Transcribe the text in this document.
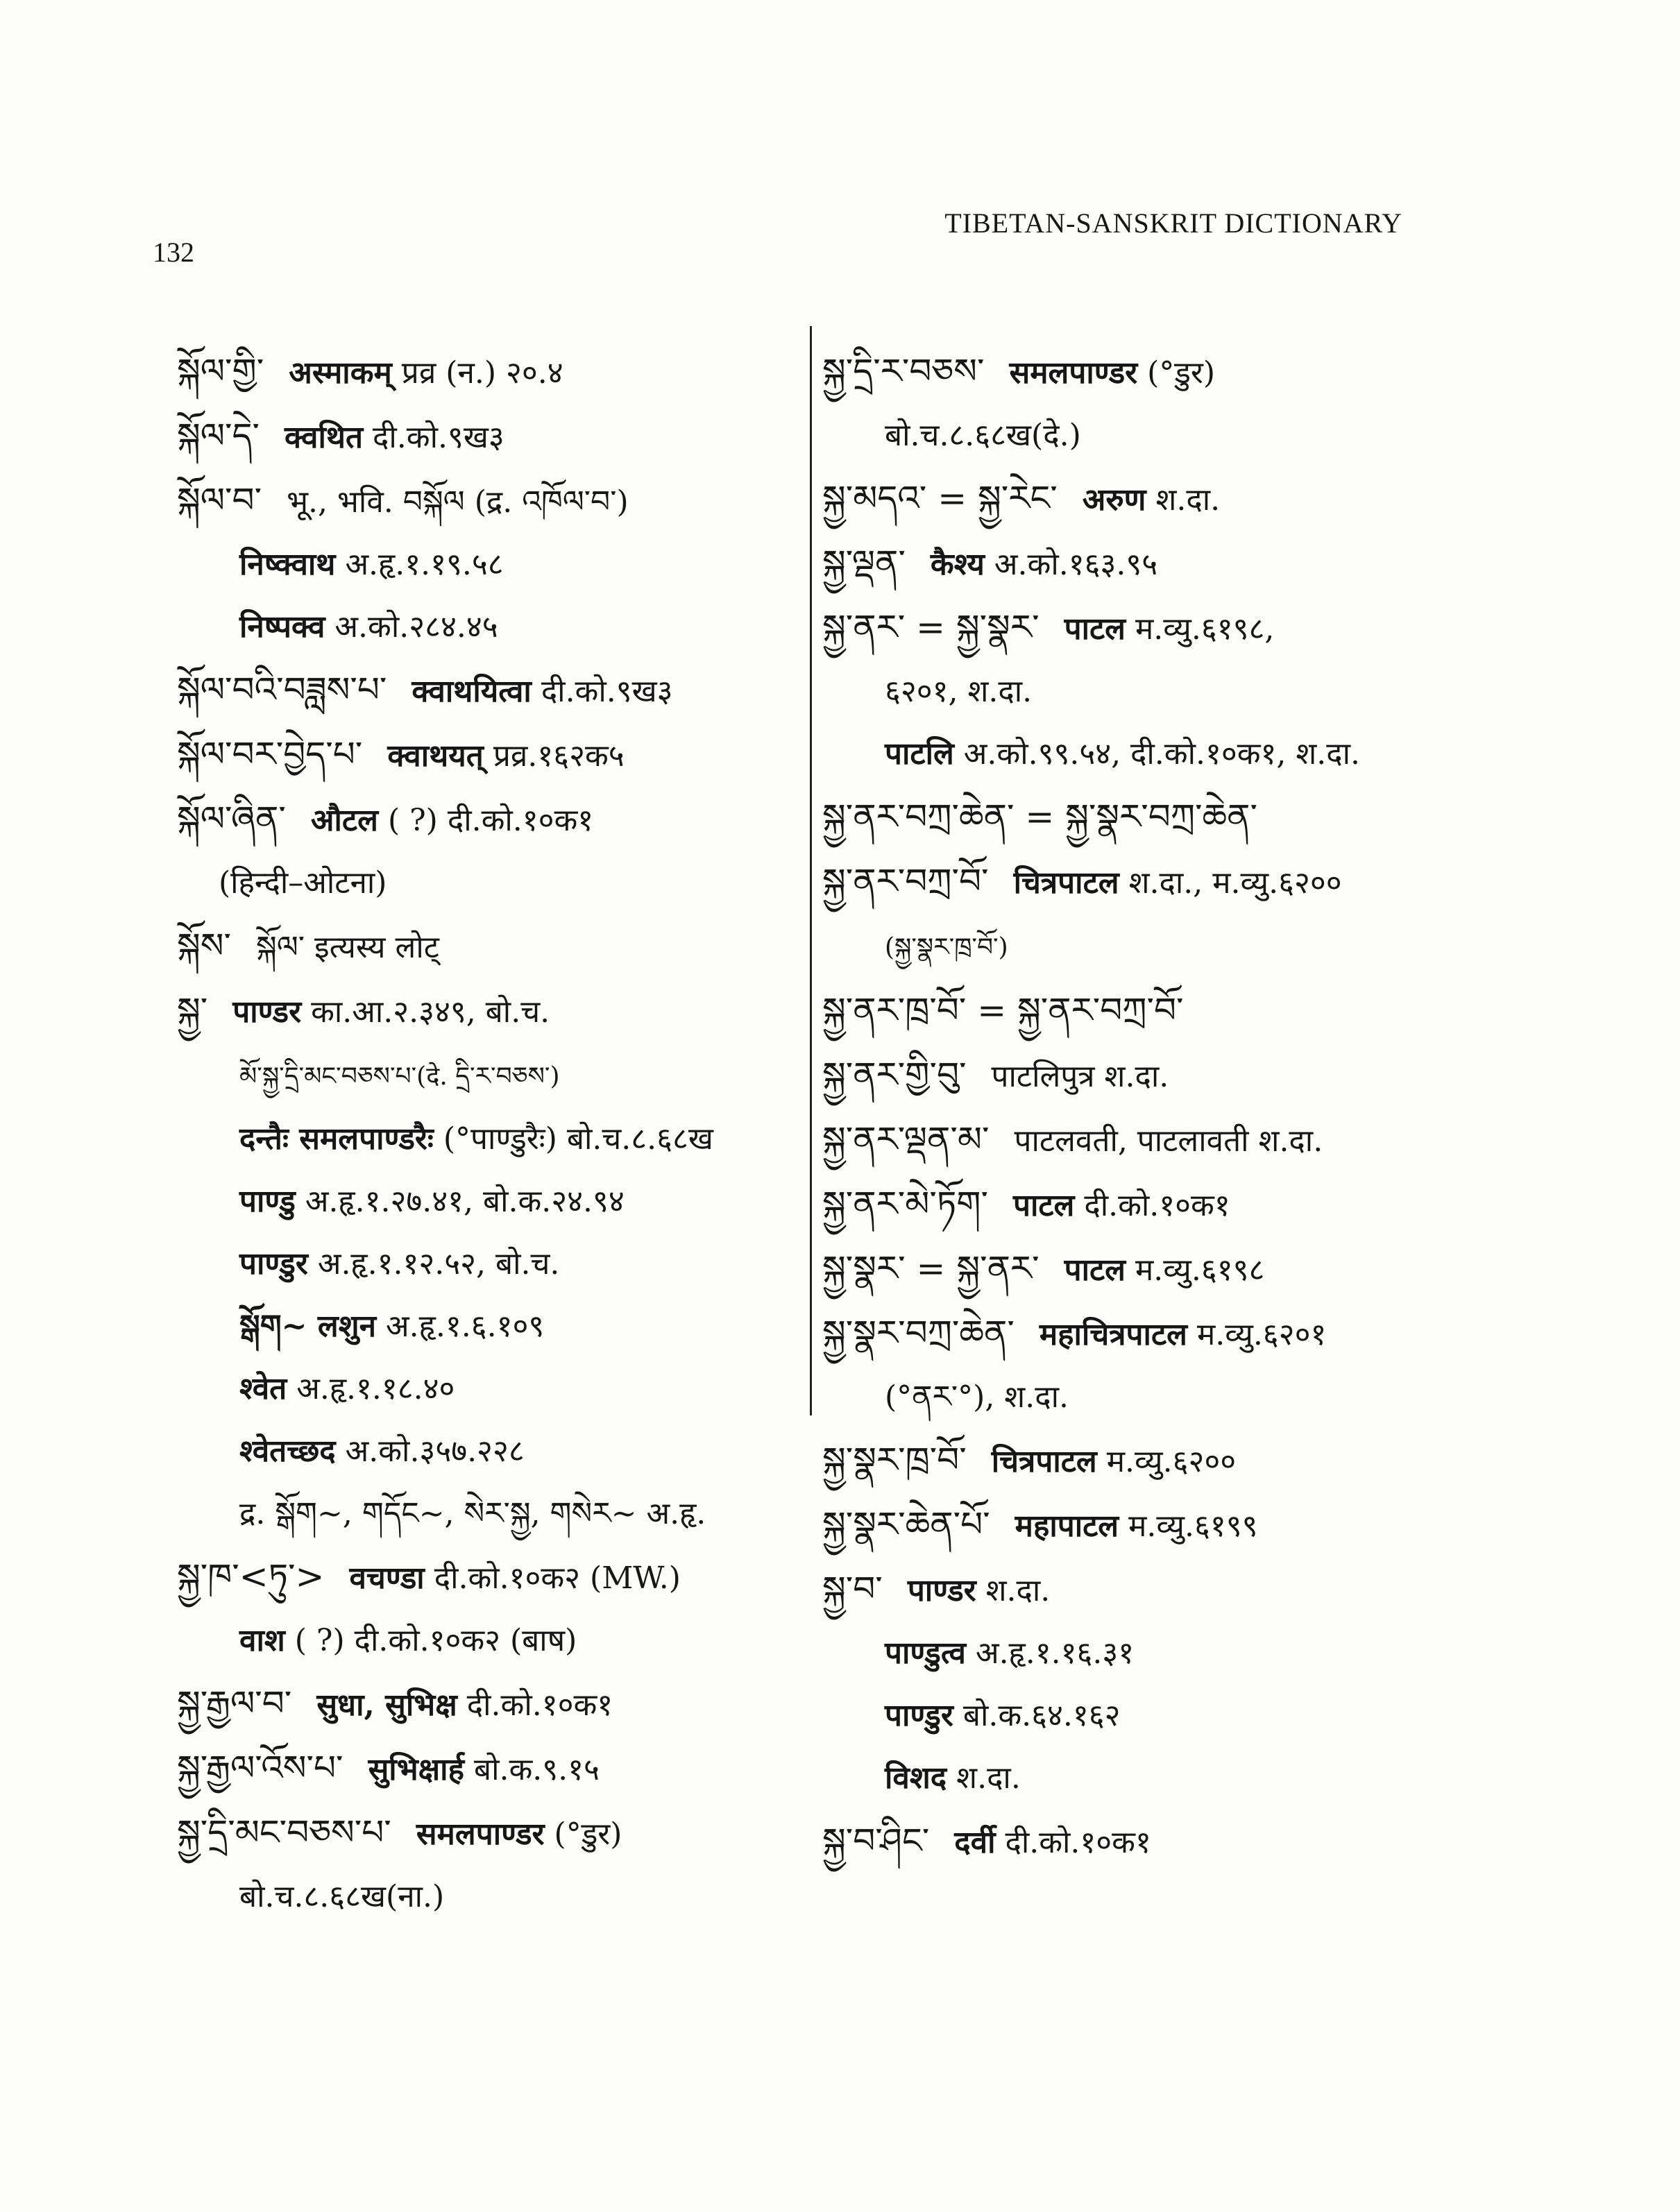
132
TIBETAN-SANSKRIT DICTIONARY
སྐོལ་གྱི་ अस्माकम् प्रव्र (न.) २०.४
སྐོལ་དེ་ क्वथित दी.को.९ख३
སྐོལ་བ་ भू., भवि. བསྐོལ (द्र. འཁོལ་བ་)
निष्क्वाथ अ.हृ.१.१९.५८
निष्पक्व अ.को.२८४.४५
སྐོལ་བའི་བཟླས་པ་ क्वाथयित्वा दी.को.९ख३
སྐོལ་བར་བྱེད་པ་ क्वाथयत् प्रव्र.१६२क५
སྐོལ་ཞིན་ औटल ( ?) दी.को.१०क१
(हिन्दी–ओटना)
སྐོས་ སྐོལ་ इत्यस्य लोट्
སྐྱ་ पाण्डर का.आ.२.३४९, बो.च.
མོ་སྐྱ་དྲི་མང་བཅས་པ་(दे. དྲི་ར་བཅས་)
दन्तैः समलपाण्डरैः (°पाण्डुरैः) बो.च.८.६८ख
पाण्डु अ.हृ.१.२७.४१, बो.क.२४.९४
पाण्डुर अ.हृ.१.१२.५२, बो.च.
སྒོག~ लशुन अ.हृ.१.६.१०९
श्वेत अ.हृ.१.१८.४०
श्वेतच्छद अ.को.३५७.२२८
द्र. སྒོག~, གདོང~, སེར་སྐྱ, གསེར~ अ.हृ.
སྐྱ་ཁ་<ཏུ་> वचण्डा दी.को.१०क२ (MW.)
वाश ( ?) दी.को.१०क२ (बाष)
སྐྱ་རྒྱལ་བ་ सुधा, सुभिक्ष दी.को.१०क१
སྐྱ་རྒྱལ་འོས་པ་ सुभिक्षार्ह बो.क.९.१५
སྐྱ་དྲི་མང་བཅས་པ་ समलपाण्डर (°डुर)
बो.च.८.६८ख(ना.)
སྐྱ་དྲི་ར་བཅས་ समलपाण्डर (°डुर)
बो.च.८.६८ख(दे.)
སྐྱ་མདའ་ = སྐྱ་རེང་ अरुण श.दा.
སྐྱ་ལྡན་ कैश्य अ.को.१६३.९५
སྐྱ་ནར་ = སྐྱ་སྣར་ पाटल म.व्यु.६१९८,
६२०१, श.दा.
पाटलि अ.को.९९.५४, दी.को.१०क१, श.दा.
སྐྱ་ནར་བཀྲ་ཆེན་ = སྐྱ་སྣར་བཀྲ་ཆེན་
སྐྱ་ནར་བཀྲ་བོ་ चित्रपाटल श.दा., म.व्यु.६२००
(སྐྱ་སྣར་ཁྲ་བོ་)
སྐྱ་ནར་ཁྲ་བོ་ = སྐྱ་ནར་བཀྲ་བོ་
སྐྱ་ནར་གྱི་བུ་ पाटलिपुत्र श.दा.
སྐྱ་ནར་ལྡན་མ་ पाटलवती, पाटलावती श.दा.
སྐྱ་ནར་མེ་ཏོག་ पाटल दी.को.१०क१
སྐྱ་སྣར་ = སྐྱ་ནར་ पाटल म.व्यु.६१९८
སྐྱ་སྣར་བཀྲ་ཆེན་ महाचित्रपाटल म.व्यु.६२०१
(°ནར་°), श.दा.
སྐྱ་སྣར་ཁྲ་བོ་ चित्रपाटल म.व्यु.६२००
སྐྱ་སྣར་ཆེན་པོ་ महापाटल म.व्यु.६१९९
སྐྱ་བ་ पाण्डर श.दा.
पाण्डुत्व अ.हृ.१.१६.३१
पाण्डुर बो.क.६४.१६२
विशद श.दा.
སྐྱ་བ་ཤིང་ दर्वी दी.को.१०क१
